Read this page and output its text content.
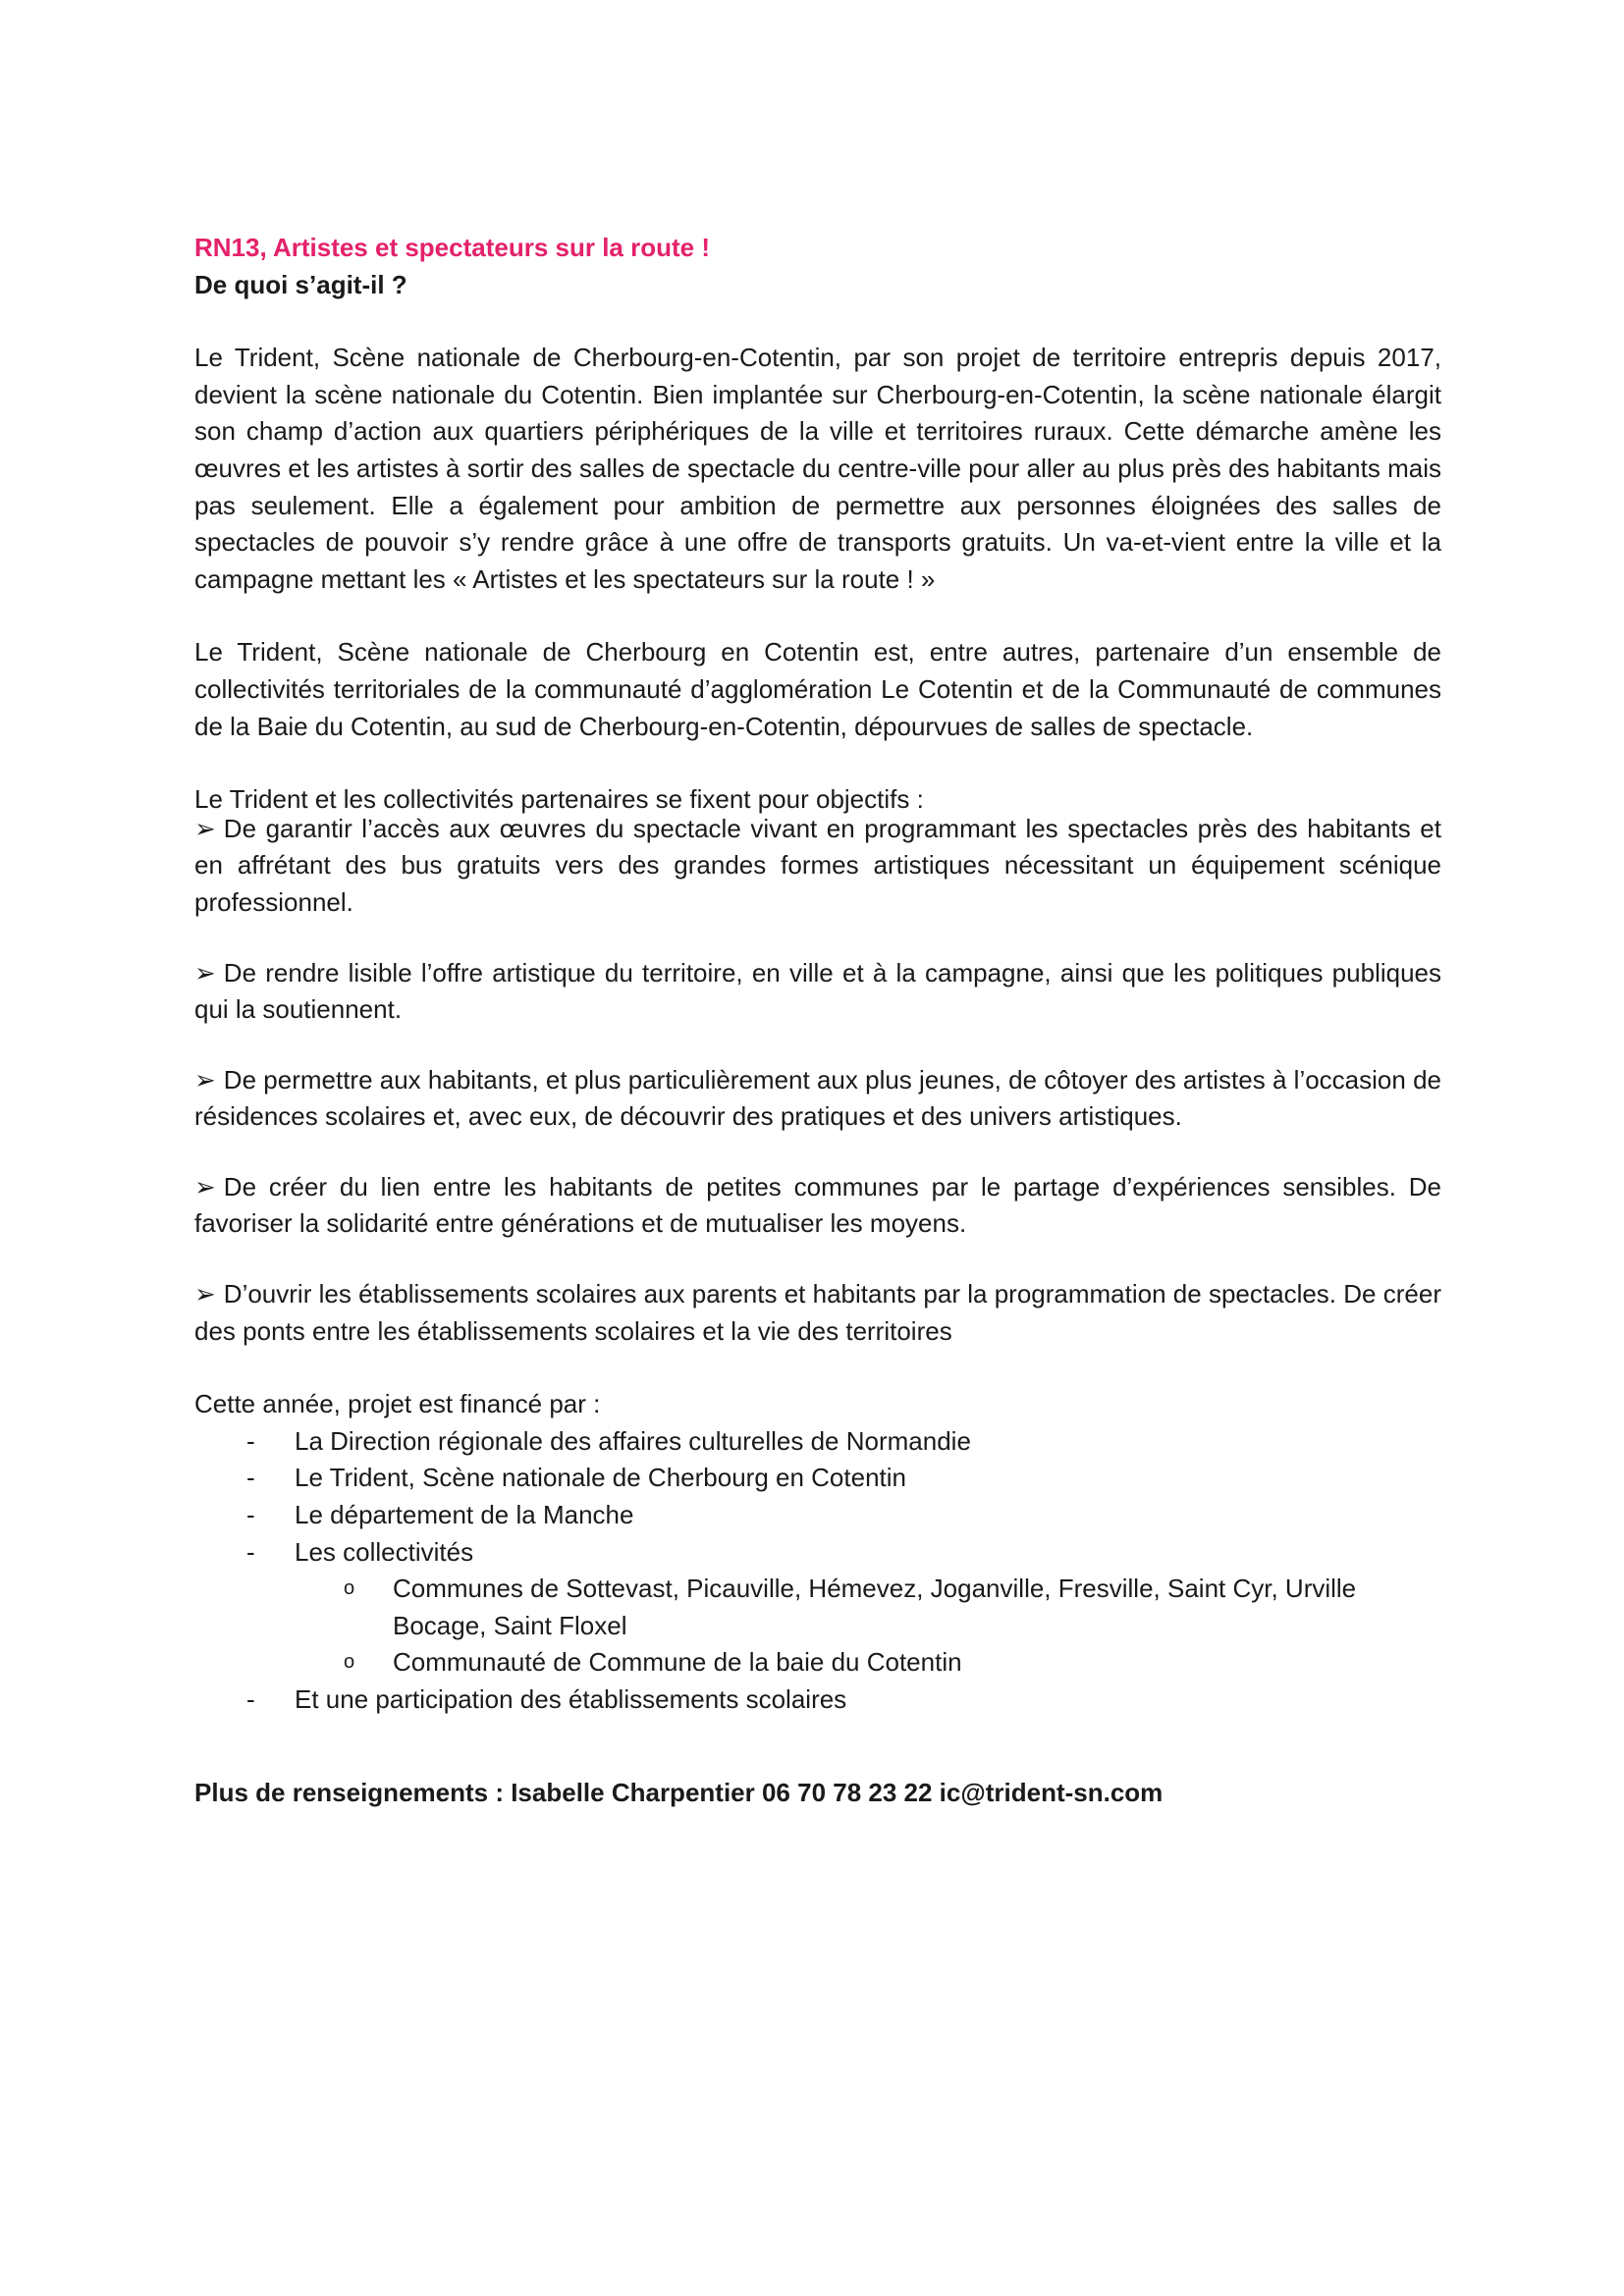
RN13, Artistes et spectateurs sur la route !

De quoi s’agit-il ?

Le Trident, Scène nationale de Cherbourg-en-Cotentin, par son projet de territoire entrepris depuis 2017, devient la scène nationale du Cotentin. Bien implantée sur Cherbourg-en-Cotentin, la scène nationale élargit son champ d’action aux quartiers périphériques de la ville et territoires ruraux. Cette démarche amène les œuvres et les artistes à sortir des salles de spectacle du centre-ville pour aller au plus près des habitants mais pas seulement. Elle a également pour ambition de permettre aux personnes éloignées des salles de spectacles de pouvoir s’y rendre grâce à une offre de transports gratuits. Un va-et-vient entre la ville et la campagne mettant les « Artistes et les spectateurs sur la route ! »

Le Trident, Scène nationale de Cherbourg en Cotentin est, entre autres, partenaire d’un ensemble de collectivités territoriales de la communauté d’agglomération Le Cotentin et de la Communauté de communes de la Baie du Cotentin, au sud de Cherbourg-en-Cotentin, dépourvues de salles de spectacle.

Le Trident et les collectivités partenaires se fixent pour objectifs :

➢ De garantir l’accès aux œuvres du spectacle vivant en programmant les spectacles près des habitants et en affrétant des bus gratuits vers des grandes formes artistiques nécessitant un équipement scénique professionnel.

➢ De rendre lisible l’offre artistique du territoire, en ville et à la campagne, ainsi que les politiques publiques qui la soutiennent.

➢ De permettre aux habitants, et plus particulièrement aux plus jeunes, de côtoyer des artistes à l’occasion de résidences scolaires et, avec eux, de découvrir des pratiques et des univers artistiques.

➢ De créer du lien entre les habitants de petites communes par le partage d’expériences sensibles. De favoriser la solidarité entre générations et de mutualiser les moyens.

➢ D’ouvrir les établissements scolaires aux parents et habitants par la programmation de spectacles. De créer des ponts entre les établissements scolaires et la vie des territoires

Cette année, projet est financé par :

- La Direction régionale des affaires culturelles de Normandie
- Le Trident, Scène nationale de Cherbourg en Cotentin
- Le département de la Manche
- Les collectivités
o Communes de Sottevast, Picauville, Hémevez, Joganville, Fresville, Saint Cyr, Urville Bocage, Saint Floxel
o Communauté de Commune de la baie du Cotentin
- Et une participation des établissements scolaires

Plus de renseignements : Isabelle Charpentier 06 70 78 23 22 ic@trident-sn.com
